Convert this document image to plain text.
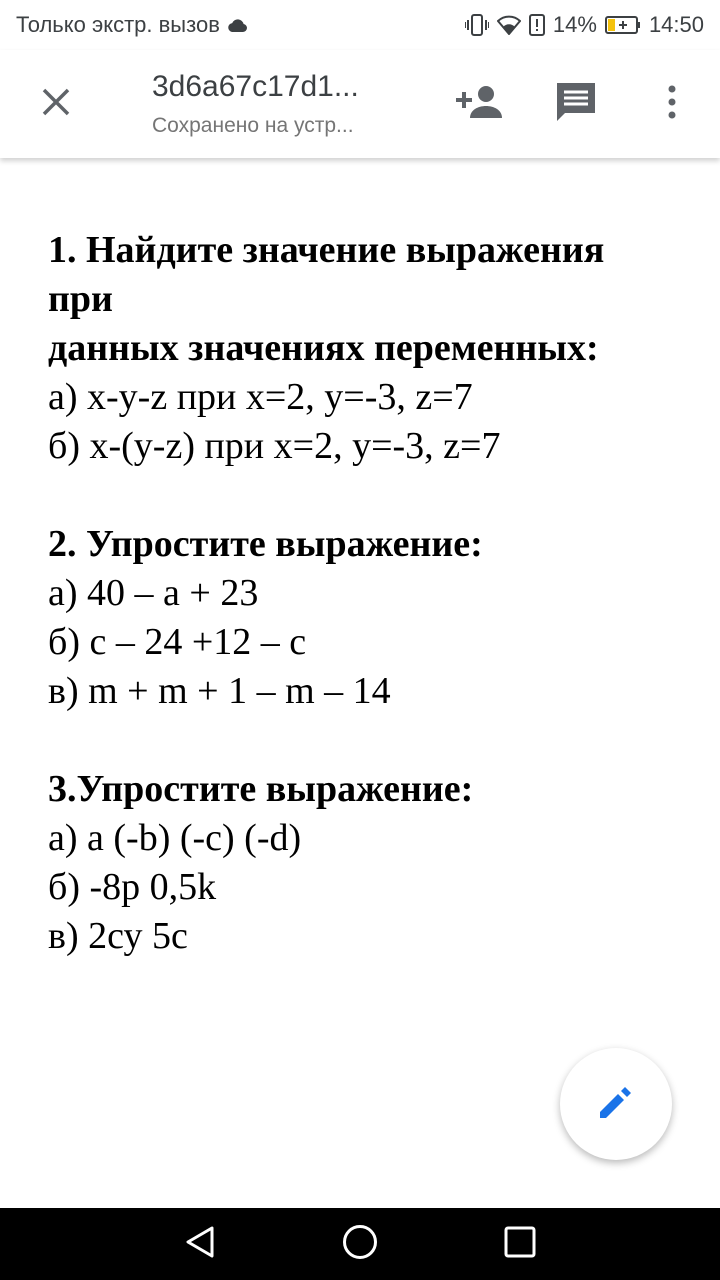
Только экстр. вызов	14% 14:50
3d6a67c17d1...
Сохранено на устр...
1. Найдите значение выражения
при
данных значениях переменных:
а) x-y-z при x=2, y=-3, z=7
б) x-(y-z) при x=2, y=-3, z=7
2. Упростите выражение:
а) 40 – а + 23
б) с – 24 +12 – с
в) m + m + 1 – m – 14
3.Упростите выражение:
а) a (-b) (-c) (-d)
б) -8р 0,5k
в) 2су 5с
